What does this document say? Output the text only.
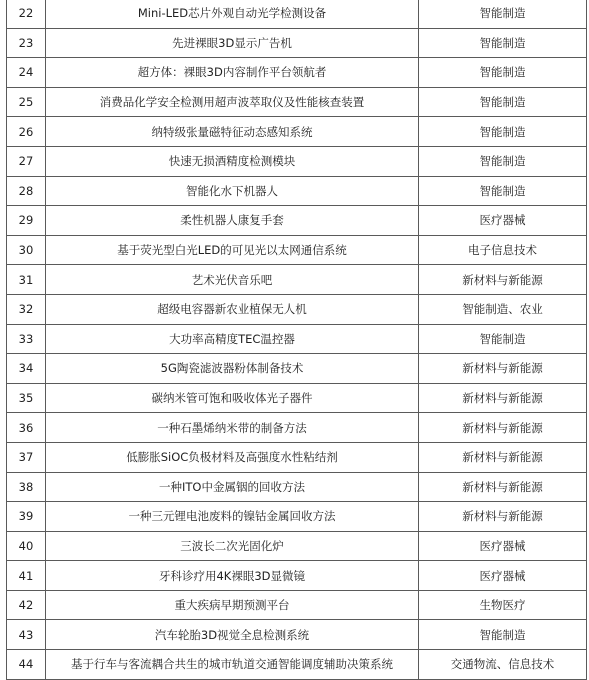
22	Mini-LED芯片外观自动光学检测设备	智能制造
23	先进裸眼3D显示广告机	智能制造
24	超方体：裸眼3D内容制作平台领航者	智能制造
25	消费品化学安全检测用超声波萃取仪及性能核查装置	智能制造
26	纳特级张量磁特征动态感知系统	智能制造
27	快速无损酒精度检测模块	智能制造
28	智能化水下机器人	智能制造
29	柔性机器人康复手套	医疗器械
30	基于荧光型白光LED的可见光以太网通信系统	电子信息技术
31	艺术光伏音乐吧	新材料与新能源
32	超级电容器新农业植保无人机	智能制造、农业
33	大功率高精度TEC温控器	智能制造
34	5G陶瓷滤波器粉体制备技术	新材料与新能源
35	碳纳米管可饱和吸收体光子器件	新材料与新能源
36	一种石墨烯纳米带的制备方法	新材料与新能源
37	低膨胀SiOC负极材料及高强度水性粘结剂	新材料与新能源
38	一种ITO中金属铟的回收方法	新材料与新能源
39	一种三元锂电池废料的镍钴金属回收方法	新材料与新能源
40	三波长二次光固化炉	医疗器械
41	牙科诊疗用4K裸眼3D显微镜	医疗器械
42	重大疾病早期预测平台	生物医疗
43	汽车轮胎3D视觉全息检测系统	智能制造
44	基于行车与客流耦合共生的城市轨道交通智能调度辅助决策系统	交通物流、信息技术
